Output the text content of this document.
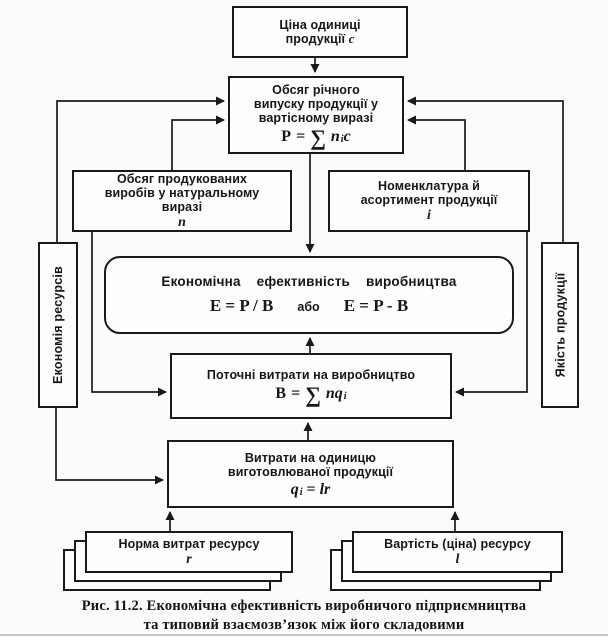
Ціна одиниці продукції c
Обсяг річного випуску продукції у вартісному виразі
P = ∑ n i c
Обсяг продукованих виробів у натуральному виразі
n
Номенклатура й асортимент продукції
i
Економічна ефективність виробництва
E = P / B або E = P - B
Поточні витрати на виробництво
B = ∑ nq i
Витрати на одиницю виготовлюваної продукції
q i = lr
Норма витрат ресурсу
r
Вартість (ціна) ресурсу
l
Економія ресурсів	Якість продукції
Рис. 11.2. Економічна ефективність виробничого підприємництва
та типовий взаємозв’язок між його складовими
